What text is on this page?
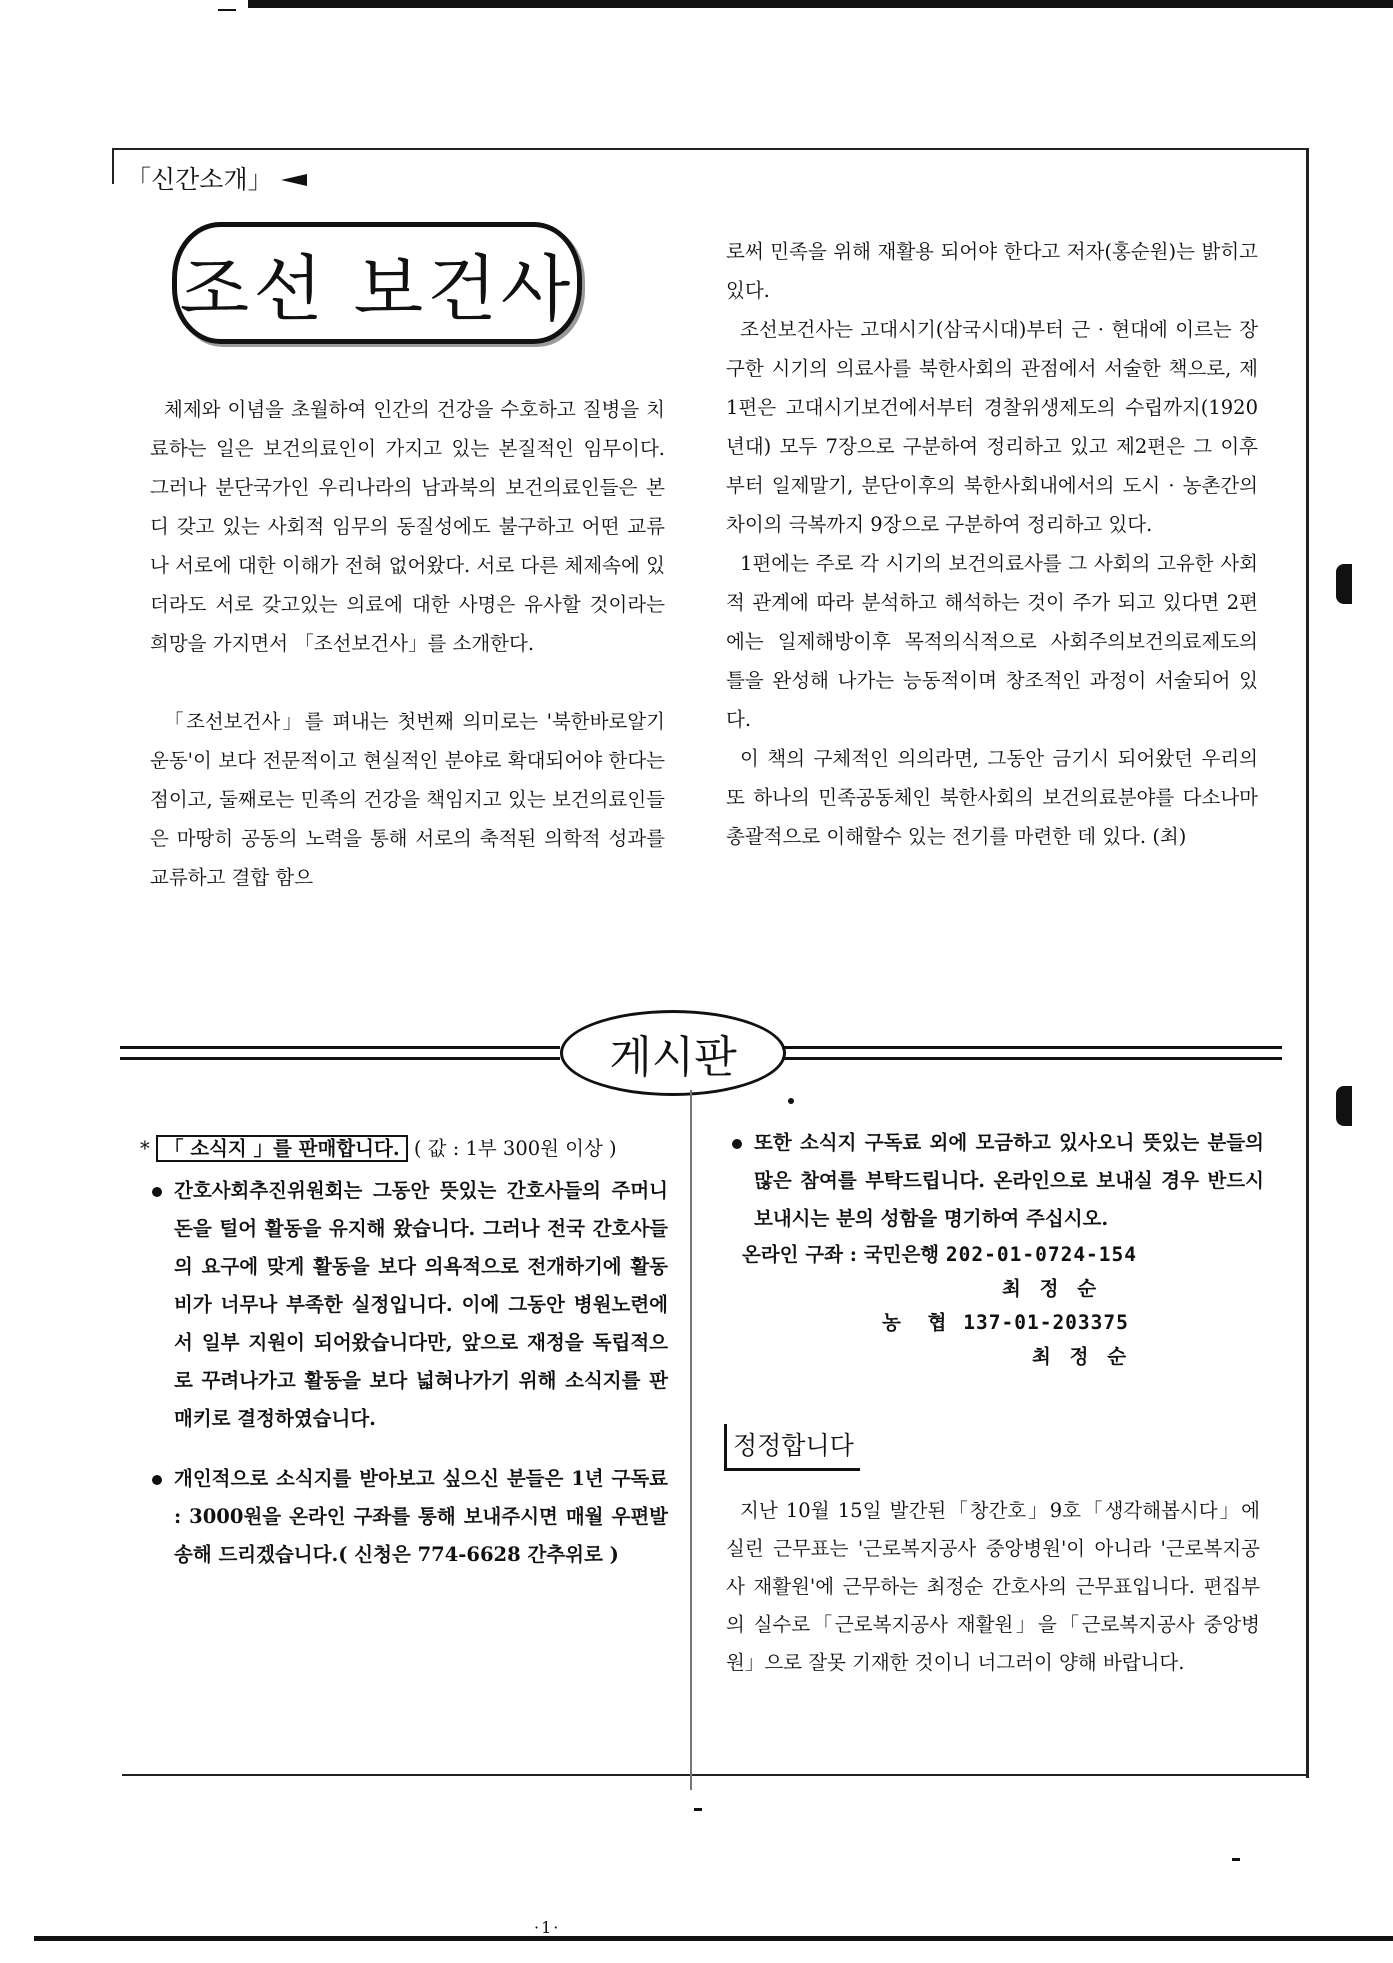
「신간소개」
조선 보건사

체제와 이념을 초월하여 인간의 건강을 수호하고 질병을 치료하는 일은 보건의료인이 가지고 있는 본질적인 임무이다. 그러나 분단국가인 우리나라의 남과북의 보건의료인들은 본디 갖고 있는 사회적 임무의 동질성에도 불구하고 어떤 교류나 서로에 대한 이해가 전혀 없어왔다. 서로 다른 체제속에 있더라도 서로 갖고있는 의료에 대한 사명은 유사할 것이라는 희망을 가지면서 「조선보건사」를 소개한다.

「조선보건사」를 펴내는 첫번째 의미로는 '북한바로알기운동'이 보다 전문적이고 현실적인 분야로 확대되어야 한다는 점이고, 둘째로는 민족의 건강을 책임지고 있는 보건의료인들은 마땅히 공동의 노력을 통해 서로의 축적된 의학적 성과를 교류하고 결합 함으

로써 민족을 위해 재활용 되어야 한다고 저자(홍순원)는 밝히고 있다.

조선보건사는 고대시기(삼국시대)부터 근 · 현대에 이르는 장구한 시기의 의료사를 북한사회의 관점에서 서술한 책으로, 제1편은 고대시기보건에서부터 경찰위생제도의 수립까지(1920년대) 모두 7장으로 구분하여 정리하고 있고 제2편은 그 이후부터 일제말기, 분단이후의 북한사회내에서의 도시 · 농촌간의 차이의 극복까지 9장으로 구분하여 정리하고 있다.

1편에는 주로 각 시기의 보건의료사를 그 사회의 고유한 사회적 관계에 따라 분석하고 해석하는 것이 주가 되고 있다면 2편에는 일제해방이후 목적의식적으로 사회주의보건의료제도의 틀을 완성해 나가는 능동적이며 창조적인 과정이 서술되어 있다.

이 책의 구체적인 의의라면, 그동안 금기시 되어왔던 우리의 또 하나의 민족공동체인 북한사회의 보건의료분야를 다소나마 총괄적으로 이해할수 있는 전기를 마련한 데 있다. (최)

게시판

* 「 소식지 」를 판매합니다. ( 값 : 1부 300원 이상 )

간호사회추진위원회는 그동안 뜻있는 간호사들의 주머니 돈을 털어 활동을 유지해 왔습니다. 그러나 전국 간호사들의 요구에 맞게 활동을 보다 의욕적으로 전개하기에 활동비가 너무나 부족한 실정입니다. 이에 그동안 병원노련에서 일부 지원이 되어왔습니다만, 앞으로 재정을 독립적으로 꾸려나가고 활동을 보다 넓혀나가기 위해 소식지를 판매키로 결정하였습니다.

개인적으로 소식지를 받아보고 싶으신 분들은 1년 구독료 : 3000원을 온라인 구좌를 통해 보내주시면 매월 우편발송해 드리겠습니다.( 신청은 774-6628 간추위로 )

또한 소식지 구독료 외에 모금하고 있사오니 뜻있는 분들의 많은 참여를 부탁드립니다. 온라인으로 보내실 경우 반드시 보내시는 분의 성함을 명기하여 주십시오.

온라인 구좌 : 국민은행 202-01-0724-154
최 정 순
농 협 137-01-203375
최 정 순
정정합니다

지난 10월 15일 발간된「창간호」9호「생각해봅시다」에 실린 근무표는 '근로복지공사 중앙병원'이 아니라 '근로복지공사 재활원'에 근무하는 최정순 간호사의 근무표입니다. 편집부의 실수로「근로복지공사 재활원」을「근로복지공사 중앙병원」으로 잘못 기재한 것이니 너그러이 양해 바랍니다.

·1·
